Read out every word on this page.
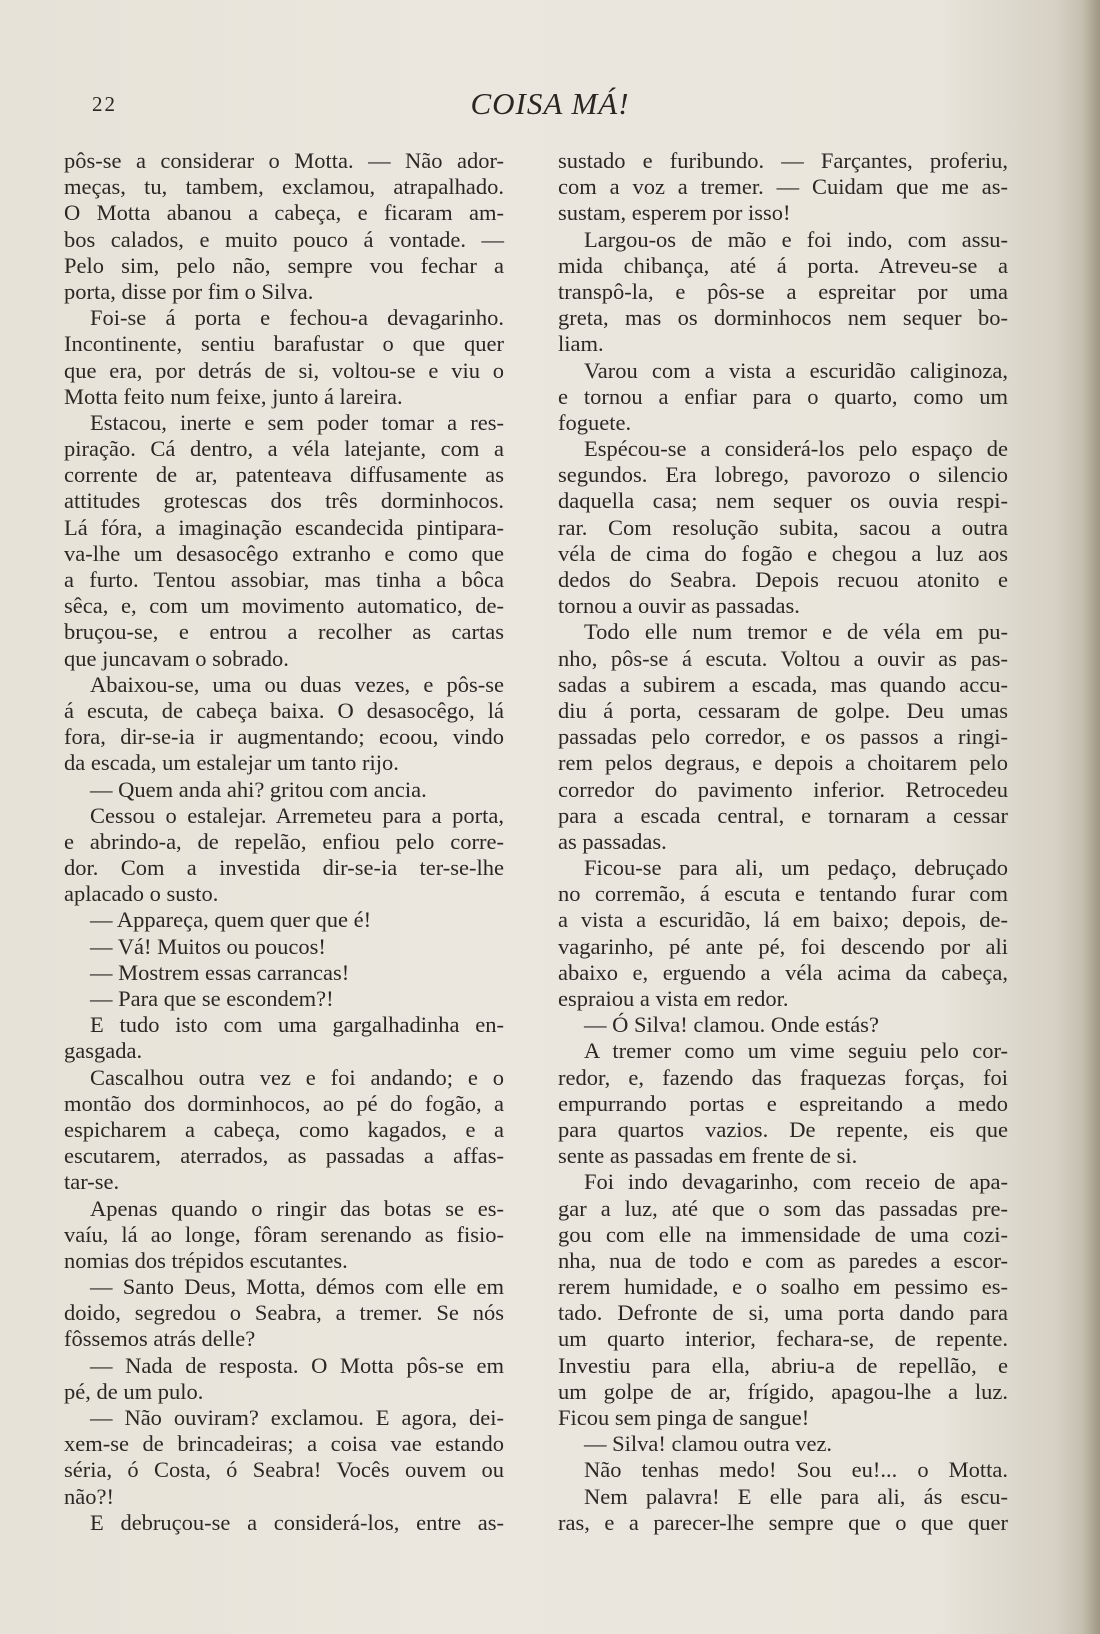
22	COISA MÁ!
pôs-se a considerar o Motta. — Não ador-
meças, tu, tambem, exclamou, atrapalhado.
O Motta abanou a cabeça, e ficaram am-
bos calados, e muito pouco á vontade. —
Pelo sim, pelo não, sempre vou fechar a
porta, disse por fim o Silva.
Foi-se á porta e fechou-a devagarinho.
Incontinente, sentiu barafustar o que quer
que era, por detrás de si, voltou-se e viu o
Motta feito num feixe, junto á lareira.
Estacou, inerte e sem poder tomar a res-
piração. Cá dentro, a véla latejante, com a
corrente de ar, patenteava diffusamente as
attitudes grotescas dos três dorminhocos.
Lá fóra, a imaginação escandecida pintipara-
va-lhe um desasocêgo extranho e como que
a furto. Tentou assobiar, mas tinha a bôca
sêca, e, com um movimento automatico, de-
bruçou-se, e entrou a recolher as cartas
que juncavam o sobrado.
Abaixou-se, uma ou duas vezes, e pôs-se
á escuta, de cabeça baixa. O desasocêgo, lá
fora, dir-se-ia ir augmentando; ecoou, vindo
da escada, um estalejar um tanto rijo.
— Quem anda ahi? gritou com ancia.
Cessou o estalejar. Arremeteu para a porta,
e abrindo-a, de repelão, enfiou pelo corre-
dor. Com a investida dir-se-ia ter-se-lhe
aplacado o susto.
— Appareça, quem quer que é!
— Vá! Muitos ou poucos!
— Mostrem essas carrancas!
— Para que se escondem?!
E tudo isto com uma gargalhadinha en-
gasgada.
Cascalhou outra vez e foi andando; e o
montão dos dorminhocos, ao pé do fogão, a
espicharem a cabeça, como kagados, e a
escutarem, aterrados, as passadas a affas-
tar-se.
Apenas quando o ringir das botas se es-
vaíu, lá ao longe, fôram serenando as fisio-
nomias dos trépidos escutantes.
— Santo Deus, Motta, démos com elle em
doido, segredou o Seabra, a tremer. Se nós
fôssemos atrás delle?
— Nada de resposta. O Motta pôs-se em
pé, de um pulo.
— Não ouviram? exclamou. E agora, dei-
xem-se de brincadeiras; a coisa vae estando
séria, ó Costa, ó Seabra! Vocês ouvem ou
não?!
E debruçou-se a considerá-los, entre as-
sustado e furibundo. — Farçantes, proferiu,
com a voz a tremer. — Cuidam que me as-
sustam, esperem por isso!
Largou-os de mão e foi indo, com assu-
mida chibança, até á porta. Atreveu-se a
transpô-la, e pôs-se a espreitar por uma
greta, mas os dorminhocos nem sequer bo-
liam.
Varou com a vista a escuridão caliginoza,
e tornou a enfiar para o quarto, como um
foguete.
Espécou-se a considerá-los pelo espaço de
segundos. Era lobrego, pavorozo o silencio
daquella casa; nem sequer os ouvia respi-
rar. Com resolução subita, sacou a outra
véla de cima do fogão e chegou a luz aos
dedos do Seabra. Depois recuou atonito e
tornou a ouvir as passadas.
Todo elle num tremor e de véla em pu-
nho, pôs-se á escuta. Voltou a ouvir as pas-
sadas a subirem a escada, mas quando accu-
diu á porta, cessaram de golpe. Deu umas
passadas pelo corredor, e os passos a ringi-
rem pelos degraus, e depois a choitarem pelo
corredor do pavimento inferior. Retrocedeu
para a escada central, e tornaram a cessar
as passadas.
Ficou-se para ali, um pedaço, debruçado
no corremão, á escuta e tentando furar com
a vista a escuridão, lá em baixo; depois, de-
vagarinho, pé ante pé, foi descendo por ali
abaixo e, erguendo a véla acima da cabeça,
espraiou a vista em redor.
— Ó Silva! clamou. Onde estás?
A tremer como um vime seguiu pelo cor-
redor, e, fazendo das fraquezas forças, foi
empurrando portas e espreitando a medo
para quartos vazios. De repente, eis que
sente as passadas em frente de si.
Foi indo devagarinho, com receio de apa-
gar a luz, até que o som das passadas pre-
gou com elle na immensidade de uma cozi-
nha, nua de todo e com as paredes a escor-
rerem humidade, e o soalho em pessimo es-
tado. Defronte de si, uma porta dando para
um quarto interior, fechara-se, de repente.
Investiu para ella, abriu-a de repellão, e
um golpe de ar, frígido, apagou-lhe a luz.
Ficou sem pinga de sangue!
— Silva! clamou outra vez.
Não tenhas medo! Sou eu!... o Motta.
Nem palavra! E elle para ali, ás escu-
ras, e a parecer-lhe sempre que o que quer
